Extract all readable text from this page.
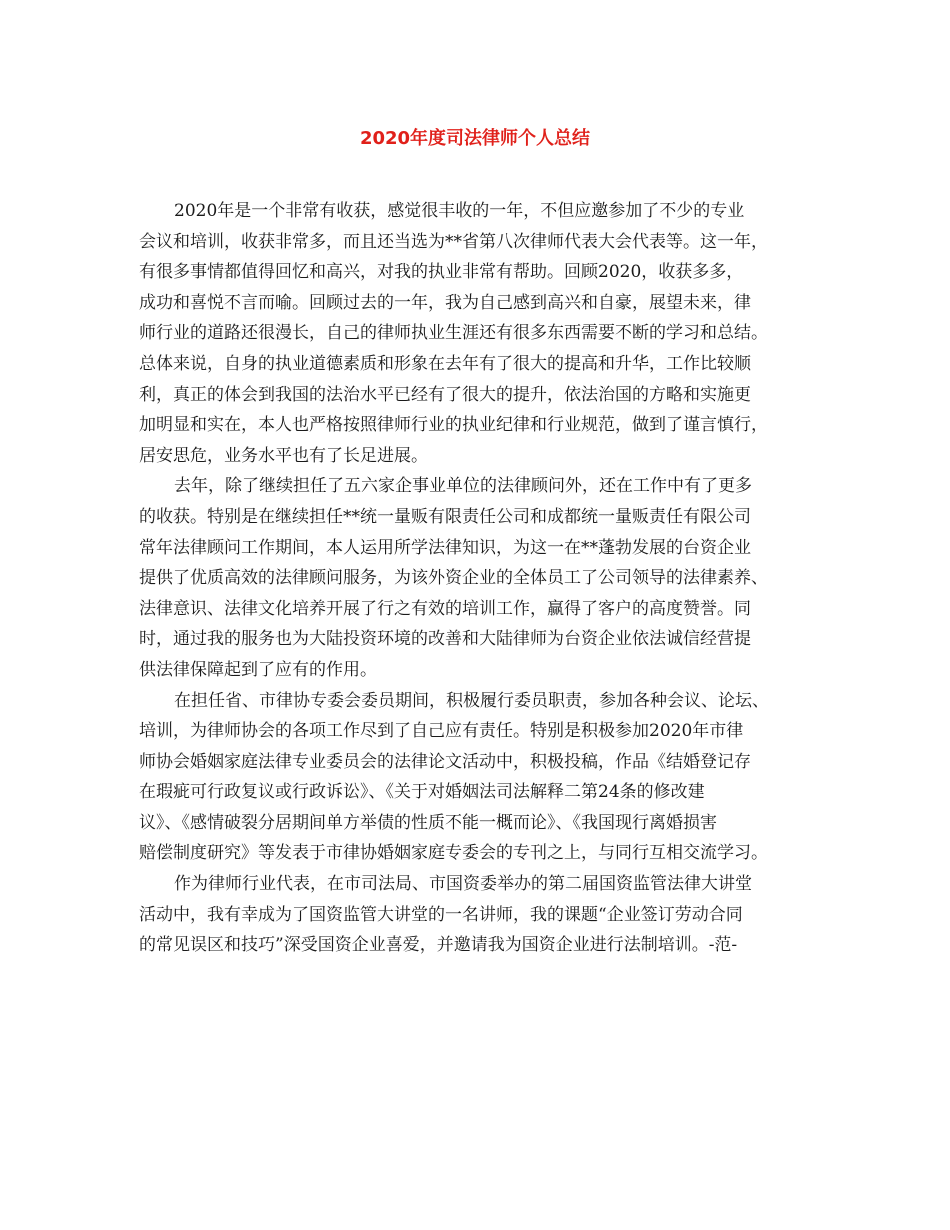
2020年度司法律师个人总结
2020年是一个非常有收获，感觉很丰收的一年，不但应邀参加了不少的专业
会议和培训，收获非常多，而且还当选为**省第八次律师代表大会代表等。这一年，
有很多事情都值得回忆和高兴，对我的执业非常有帮助。回顾2020，收获多多，
成功和喜悦不言而喻。回顾过去的一年，我为自己感到高兴和自豪，展望未来，律
师行业的道路还很漫长，自己的律师执业生涯还有很多东西需要不断的学习和总结。
总体来说，自身的执业道德素质和形象在去年有了很大的提高和升华，工作比较顺
利，真正的体会到我国的法治水平已经有了很大的提升，依法治国的方略和实施更
加明显和实在，本人也严格按照律师行业的执业纪律和行业规范，做到了谨言慎行，
居安思危，业务水平也有了长足进展。
去年，除了继续担任了五六家企事业单位的法律顾问外，还在工作中有了更多
的收获。特别是在继续担任**统一量贩有限责任公司和成都统一量贩责任有限公司
常年法律顾问工作期间，本人运用所学法律知识，为这一在**蓬勃发展的台资企业
提供了优质高效的法律顾问服务，为该外资企业的全体员工了公司领导的法律素养、
法律意识、法律文化培养开展了行之有效的培训工作，赢得了客户的高度赞誉。同
时，通过我的服务也为大陆投资环境的改善和大陆律师为台资企业依法诚信经营提
供法律保障起到了应有的作用。
在担任省、市律协专委会委员期间，积极履行委员职责，参加各种会议、论坛、
培训，为律师协会的各项工作尽到了自己应有责任。特别是积极参加2020年市律
师协会婚姻家庭法律专业委员会的法律论文活动中，积极投稿，作品《结婚登记存
在瑕疵可行政复议或行政诉讼》、《关于对婚姻法司法解释二第24条的修改建
议》、《感情破裂分居期间单方举债的性质不能一概而论》、《我国现行离婚损害
赔偿制度研究》等发表于市律协婚姻家庭专委会的专刊之上，与同行互相交流学习。
作为律师行业代表，在市司法局、市国资委举办的第二届国资监管法律大讲堂
活动中，我有幸成为了国资监管大讲堂的一名讲师，我的课题“企业签订劳动合同
的常见误区和技巧”深受国资企业喜爱，并邀请我为国资企业进行法制培训。-范-
